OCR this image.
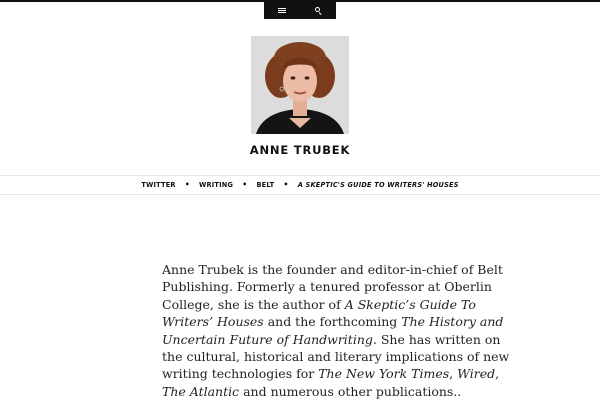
ANNE TRUBEK
TWITTER • WRITING • BELT • A SKEPTIC'S GUIDE TO WRITERS' HOUSES

Anne Trubek is the founder and editor-in-chief of Belt Publishing. Formerly a tenured professor at Oberlin College, she is the author of A Skeptic’s Guide To Writers’ Houses and the forthcoming The History and Uncertain Future of Handwriting. She has written on the cultural, historical and literary implications of new writing technologies for The New York Times, Wired, The Atlantic and numerous other publications..
